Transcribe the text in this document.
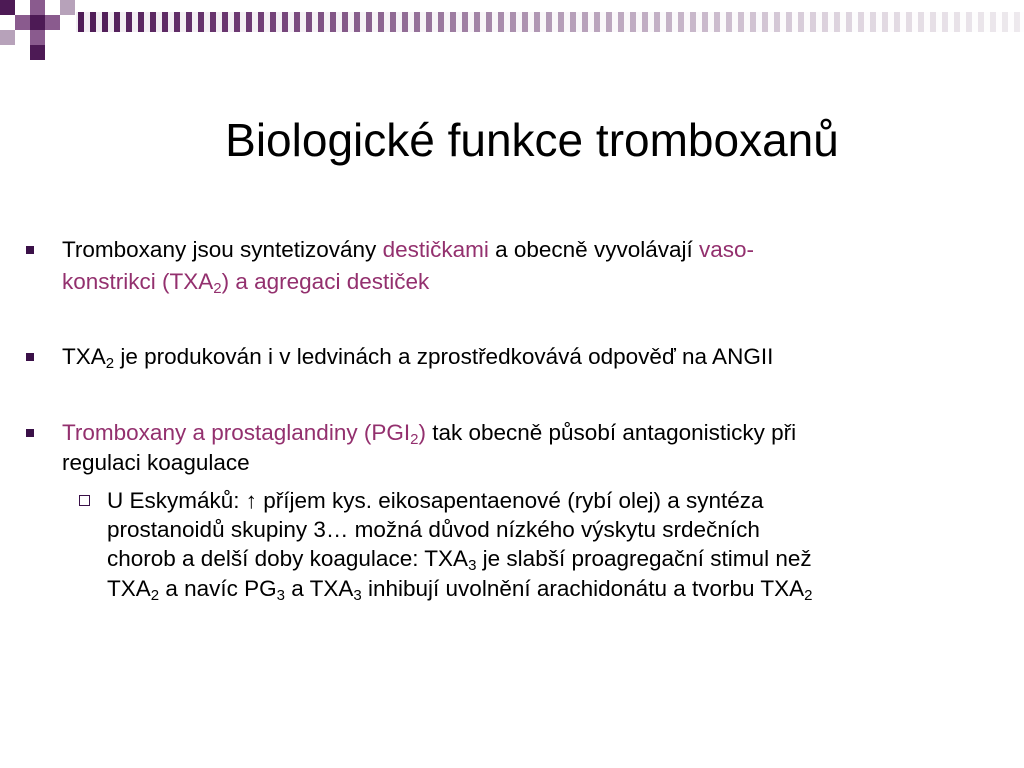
Biologické funkce tromboxanů
Tromboxany jsou syntetizovány destičkami a obecně vyvolávají vaso-
konstrikci $(TXA_2)$ a agregaci destiček
$TXA_2$ je produkován i v ledvinách a zprostředkovává odpověď na ANGII
Tromboxany a prostaglandiny $(PGI_2)$ tak obecně působí antagonisticky při
regulaci koagulace
U Eskymáků: ↑ příjem kys. eikosapentaenové (rybí olej) a syntéza
prostanoidů skupiny 3… možná důvod nízkého výskytu srdečních
chorob a delší doby koagulace: $TXA_3$ je slabší proagregační stimul než
$TXA_2$ a navíc $PG_3$ a $TXA_3$ inhibují uvolnění arachidonátu a tvorbu $TXA_2$
